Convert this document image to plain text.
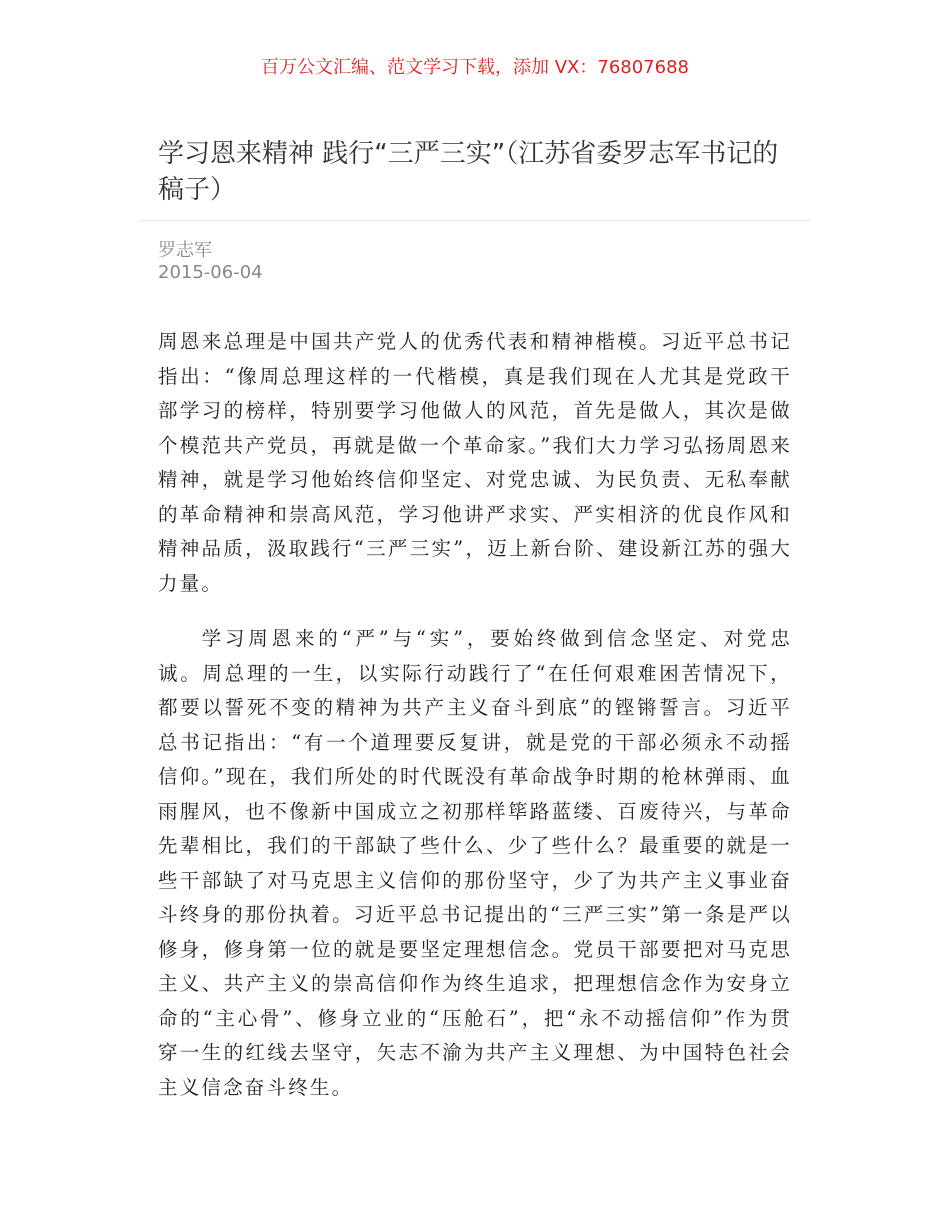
百万公文汇编、范文学习下载，添加 VX：76807688
学习恩来精神 践行“三严三实”（江苏省委罗志军书记的稿子）
罗志军
2015-06-04

周恩来总理是中国共产党人的优秀代表和精神楷模。习近平总书记指出：“像周总理这样的一代楷模，真是我们现在人尤其是党政干部学习的榜样，特别要学习他做人的风范，首先是做人，其次是做个模范共产党员，再就是做一个革命家。”我们大力学习弘扬周恩来精神，就是学习他始终信仰坚定、对党忠诚、为民负责、无私奉献的革命精神和崇高风范，学习他讲严求实、严实相济的优良作风和精神品质，汲取践行“三严三实”，迈上新台阶、建设新江苏的强大力量。

学习周恩来的“严”与“实”，要始终做到信念坚定、对党忠诚。周总理的一生，以实际行动践行了“在任何艰难困苦情况下，都要以誓死不变的精神为共产主义奋斗到底”的铿锵誓言。习近平总书记指出：“有一个道理要反复讲，就是党的干部必须永不动摇信仰。”现在，我们所处的时代既没有革命战争时期的枪林弹雨、血雨腥风，也不像新中国成立之初那样筚路蓝缕、百废待兴，与革命先辈相比，我们的干部缺了些什么、少了些什么？最重要的就是一些干部缺了对马克思主义信仰的那份坚守，少了为共产主义事业奋斗终身的那份执着。习近平总书记提出的“三严三实”第一条是严以修身，修身第一位的就是要坚定理想信念。党员干部要把对马克思主义、共产主义的崇高信仰作为终生追求，把理想信念作为安身立命的“主心骨”、修身立业的“压舱石”，把“永不动摇信仰”作为贯穿一生的红线去坚守，矢志不渝为共产主义理想、为中国特色社会主义信念奋斗终生。
